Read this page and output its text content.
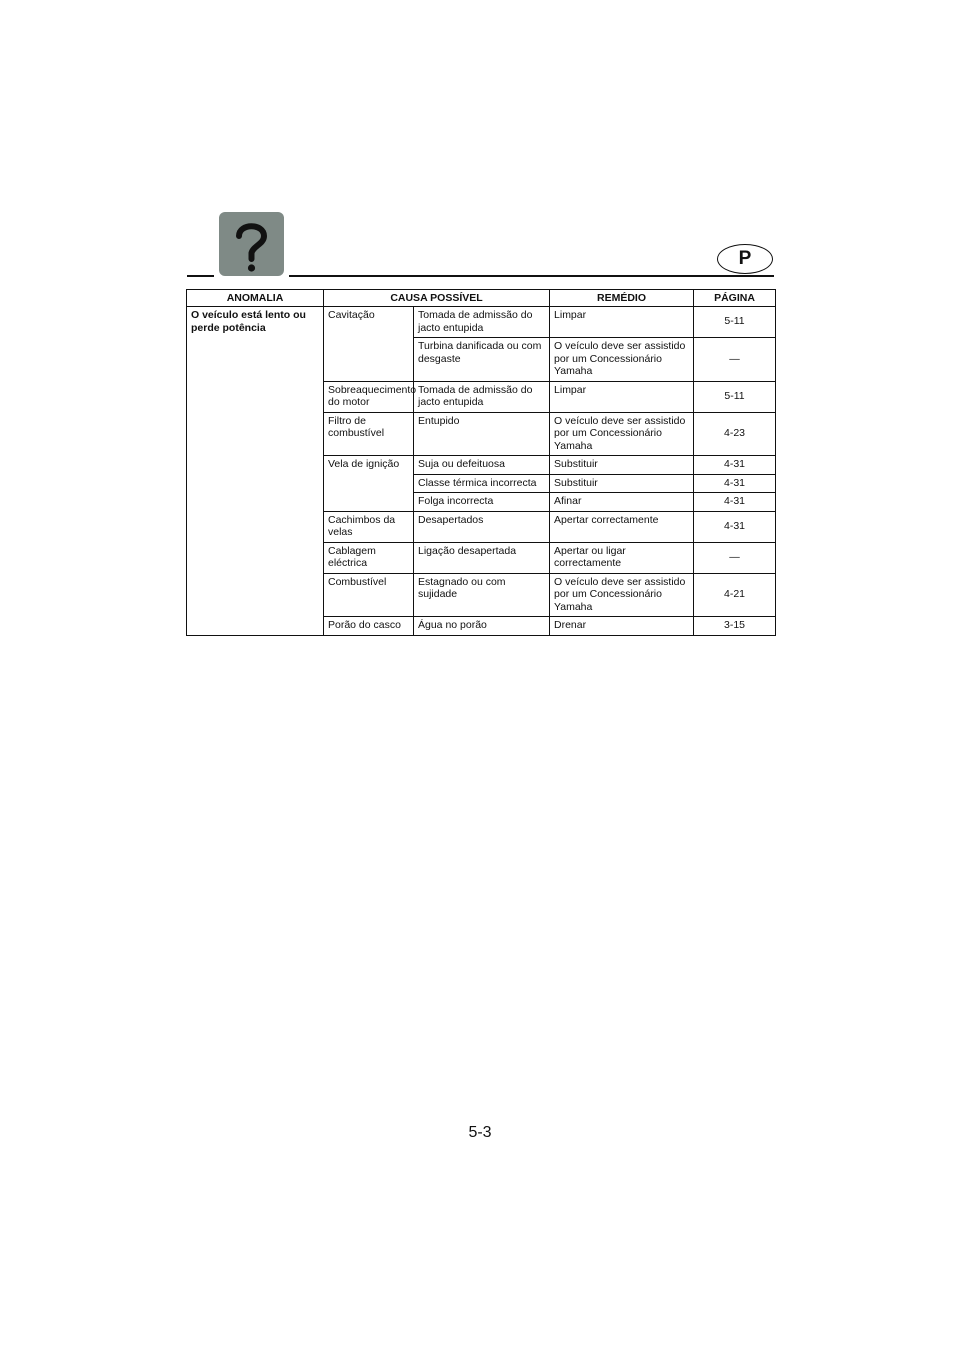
P
ANOMALIA	CAUSA POSSÍVEL		REMÉDIO	PÁGINA
O veículo está lento ou perde potência	Cavitação	Tomada de admissão do jacto entupida	Limpar	5-11
		Turbina danificada ou com desgaste	O veículo deve ser assistido por um Concessionário Yamaha	—
	Sobreaquecimento do motor	Tomada de admissão do jacto entupida	Limpar	5-11
	Filtro de combustível	Entupido	O veículo deve ser assistido por um Concessionário Yamaha	4-23
	Vela de ignição	Suja ou defeituosa	Substituir	4-31
		Classe térmica incorrecta	Substituir	4-31
		Folga incorrecta	Afinar	4-31
	Cachimbos da velas	Desapertados	Apertar correctamente	4-31
	Cablagem eléctrica	Ligação desapertada	Apertar ou ligar correctamente	—
	Combustível	Estagnado ou com sujidade	O veículo deve ser assistido por um Concessionário Yamaha	4-21
	Porão do casco	Água no porão	Drenar	3-15
5-3
